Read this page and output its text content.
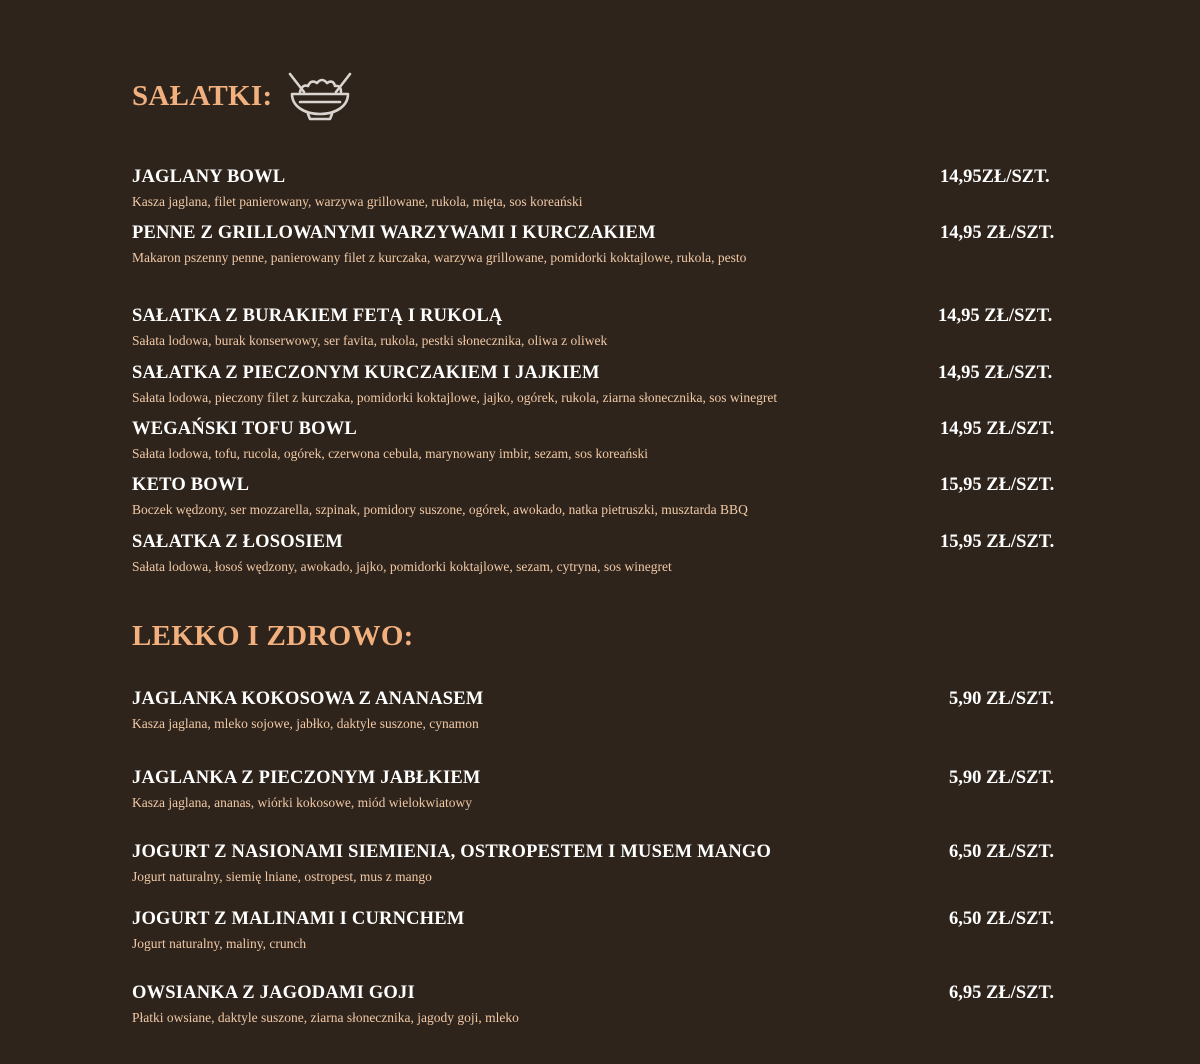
SAŁATKI:
JAGLANY BOWL	14,95ZŁ/SZT.
Kasza jaglana, filet panierowany, warzywa grillowane, rukola, mięta, sos koreański
PENNE Z GRILLOWANYMI WARZYWAMI I KURCZAKIEM	14,95 ZŁ/SZT.
Makaron pszenny penne, panierowany filet z kurczaka, warzywa grillowane, pomidorki koktajlowe, rukola, pesto
SAŁATKA Z BURAKIEM FETĄ I RUKOLĄ	14,95 ZŁ/SZT.
Sałata lodowa, burak konserwowy, ser favita, rukola, pestki słonecznika, oliwa z oliwek
SAŁATKA Z PIECZONYM KURCZAKIEM I JAJKIEM	14,95 ZŁ/SZT.
Sałata lodowa, pieczony filet z kurczaka, pomidorki koktajlowe, jajko, ogórek, rukola, ziarna słonecznika, sos winegret
WEGAŃSKI TOFU BOWL	14,95 ZŁ/SZT.
Sałata lodowa, tofu, rucola, ogórek, czerwona cebula, marynowany imbir, sezam, sos koreański
KETO BOWL	15,95 ZŁ/SZT.
Boczek wędzony, ser mozzarella, szpinak, pomidory suszone, ogórek, awokado, natka pietruszki, musztarda BBQ
SAŁATKA Z ŁOSOSIEM	15,95 ZŁ/SZT.
Sałata lodowa, łosoś wędzony, awokado, jajko, pomidorki koktajlowe, sezam, cytryna, sos winegret
LEKKO I ZDROWO:
JAGLANKA KOKOSOWA Z ANANASEM	5,90 ZŁ/SZT.
Kasza jaglana, mleko sojowe, jabłko, daktyle suszone, cynamon
JAGLANKA Z PIECZONYM JABŁKIEM	5,90 ZŁ/SZT.
Kasza jaglana, ananas, wiórki kokosowe, miód wielokwiatowy
JOGURT Z NASIONAMI SIEMIENIA, OSTROPESTEM I MUSEM MANGO	6,50 ZŁ/SZT.
Jogurt naturalny, siemię lniane, ostropest, mus z mango
JOGURT Z MALINAMI I CURNCHEM	6,50 ZŁ/SZT.
Jogurt naturalny, maliny, crunch
OWSIANKA Z JAGODAMI GOJI	6,95 ZŁ/SZT.
Płatki owsiane, daktyle suszone, ziarna słonecznika, jagody goji, mleko
